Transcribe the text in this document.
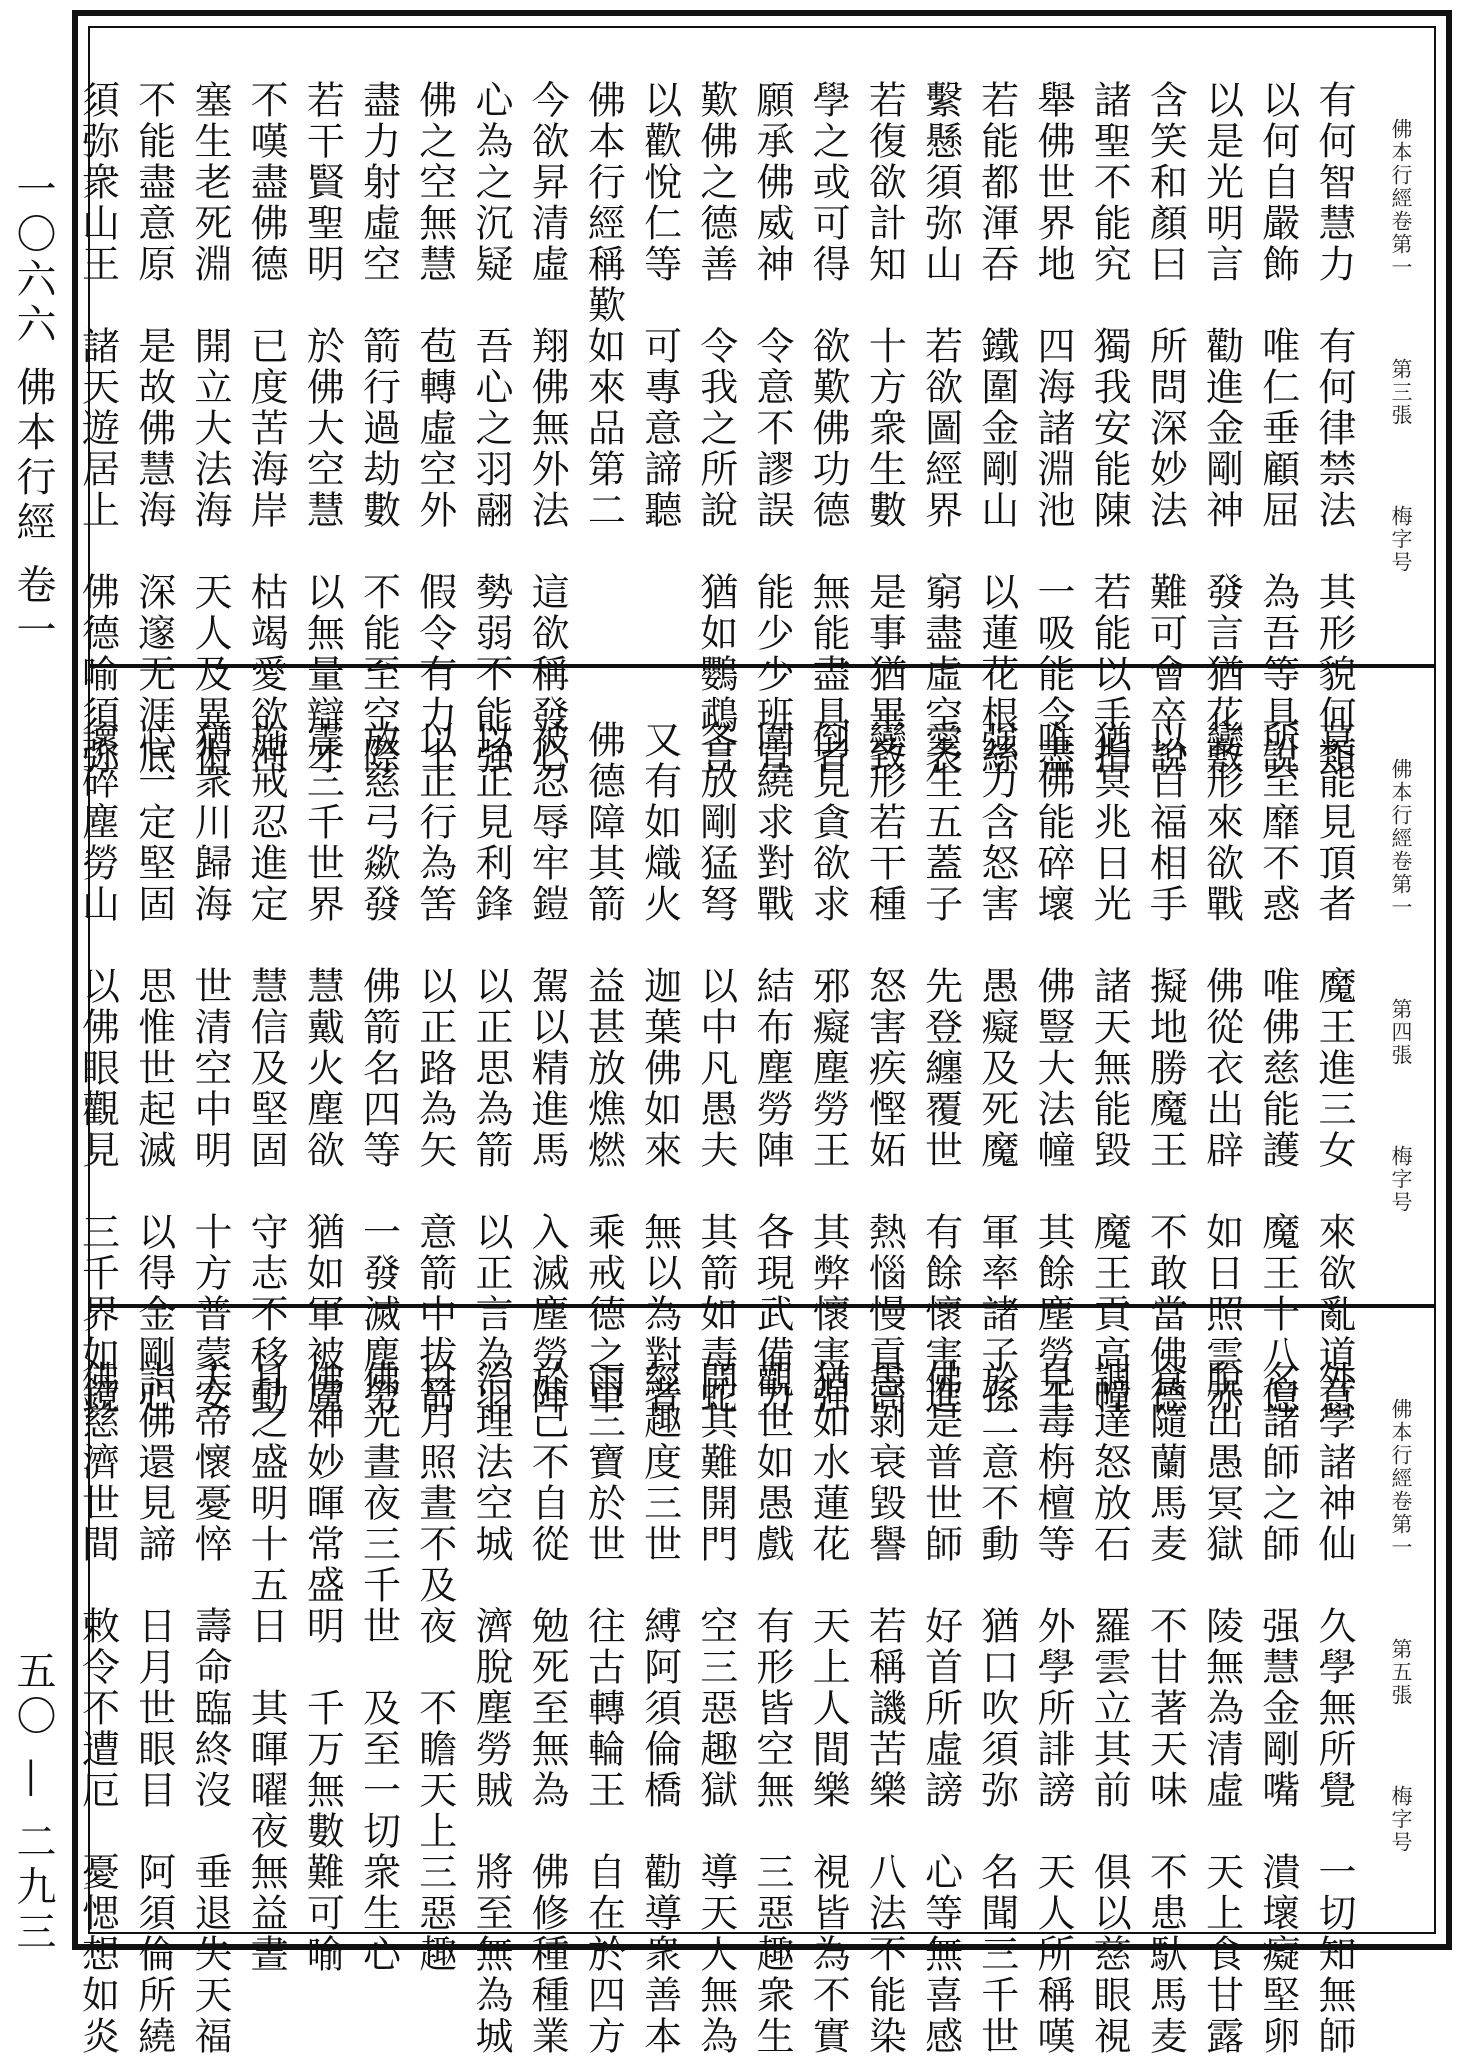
一〇六六 佛本行經 卷一
五〇 — 二九三
佛本行經卷第一 第三張 梅字号
有何智慧力　有何律禁法　其形貌何類
以何自嚴飾　唯仁垂顧屈　為吾等具說
以是光明言　勸進金剛神　發言猶花敷
含笑和顏曰　所問深妙法　難可會卒說
諸聖不能究　獨我安能陳　若能以手指
舉佛世界地　四海諸淵池　一吸能令盡
若能都渾吞　鐵圍金剛山　以蓮花根絲
繫懸須弥山　若欲圖經界　窮盡虛空表
若復欲計知　十方衆生數　是事猶畢致
學之或可得　欲歎佛功德　無能盡具者
願承佛威神　令意不謬誤　能少少班宣
歎佛之德善　令我之所說　猶如鸚鵡言
以歡悅仁等　可專意諦聽
佛本行經稱歎如來品第二
今欲昇清虛　翔佛無外法　這欲稱發心
心為之沉疑　吾心之羽翮　勢弱不能強
佛之空無慧　苞轉虛空外　假令有力士
盡力射虛空　箭行過劫數　不能至空際
若干賢聖明　於佛大空慧　以無量辯才
不嘆盡佛德　已度苦海岸　枯竭愛欲河
塞生老死淵　開立大法海　天人及異術
不能盡意原　是故佛慧海　深邃无涯底
須弥衆山王　諸天遊居上　佛德喻須弥
佛本行經卷第一 第四張 梅字号
莫能見頂者　魔王進三女　來欲亂道意
所至靡不惑　唯佛慈能護　魔王十八億
變形來欲戰　佛從衣出辟　如日照雲赤
以百福相手　擬地勝魔王　不敢當佛德
猶冥兆日光　諸天無能毀　魔王貢高幢
唯佛能碎壞　佛豎大法幢　其餘塵勞王
强力含怒害　愚癡及死魔　軍率諸子孫
愛生五蓋子　先登纏覆世　有餘懷害進
變形若干種　怒害疾慳妬　熱惱慢貢高
倒見貪欲求　邪癡塵勞王　其弊懷害强
圍繞求對戰　結布塵勞陣　各現武備力
各放剛猛弩　以中凡愚夫　其箭如毒蛇
又有如熾火　迦葉佛如來　無以為對者
佛德障其箭　益甚放燋燃　乘戒德之車
被忍辱牢鎧　駕以精進馬　入滅塵勞陣
以正見利鋒　以正思為箭　以正言為羽
以正行為筈　以正路為矢　意箭中拔箭
放慈弓歘發　佛箭名四等　一發滅塵勞
震三千世界　慧戴火塵欲　猶如軍被虜
施戒忍進定　慧信及堅固　守志不移動
猶衆川歸海　世清空中明　十方普蒙安
心一定堅固　思惟世起滅　以得金剛心
壞碎塵勞山　以佛眼觀見　三千界如鏡
佛本行經卷第一 第五張 梅字号
外學諸神仙　久學無所覺　一切知無師
名諸師之師　强慧金剛嘴　潰壞癡堅卵
脫出愚冥獄　陵無為清虛　天上食甘露
食隨蘭馬麦　不甘著天味　不患馱馬麦
調達怒放石　羅雲立其前　俱以慈眼視
見毒栴檀等　外學所誹謗　天人所稱嘆
於二意不動　猶口吹須弥　名聞三千世
佛是普世師　好首所虛謗　心等無喜感
愚剝衰毀譽　若稱譏苦樂　八法不能染
猶如水蓮花　天上人間樂　視皆為不實
觀世如愚戲　有形皆空無　三惡趣衆生
開其難開門　空三惡趣獄　導天人無為
經趣度三世　縛阿須倫橋　勸導衆善本
雨三寶於世　往古轉輪王　自在於四方
於己不自從　勉死至無為　佛修種種業
治理法空城　濟脫塵勞賊　將至無為城
日月照晝不及夜　不瞻天上三惡趣
佛光晝夜三千世　及至一切衆生心
佛神妙暉常盛明　千万無數難可喻
月之盛明十五日　其暉曜夜無益晝
天帝懷憂悴　壽命臨終沒　垂退失天福
詣佛還見諦　日月世眼目　阿須倫所繞
佛慈濟世間　敕令不遭厄　憂愢想如炎
